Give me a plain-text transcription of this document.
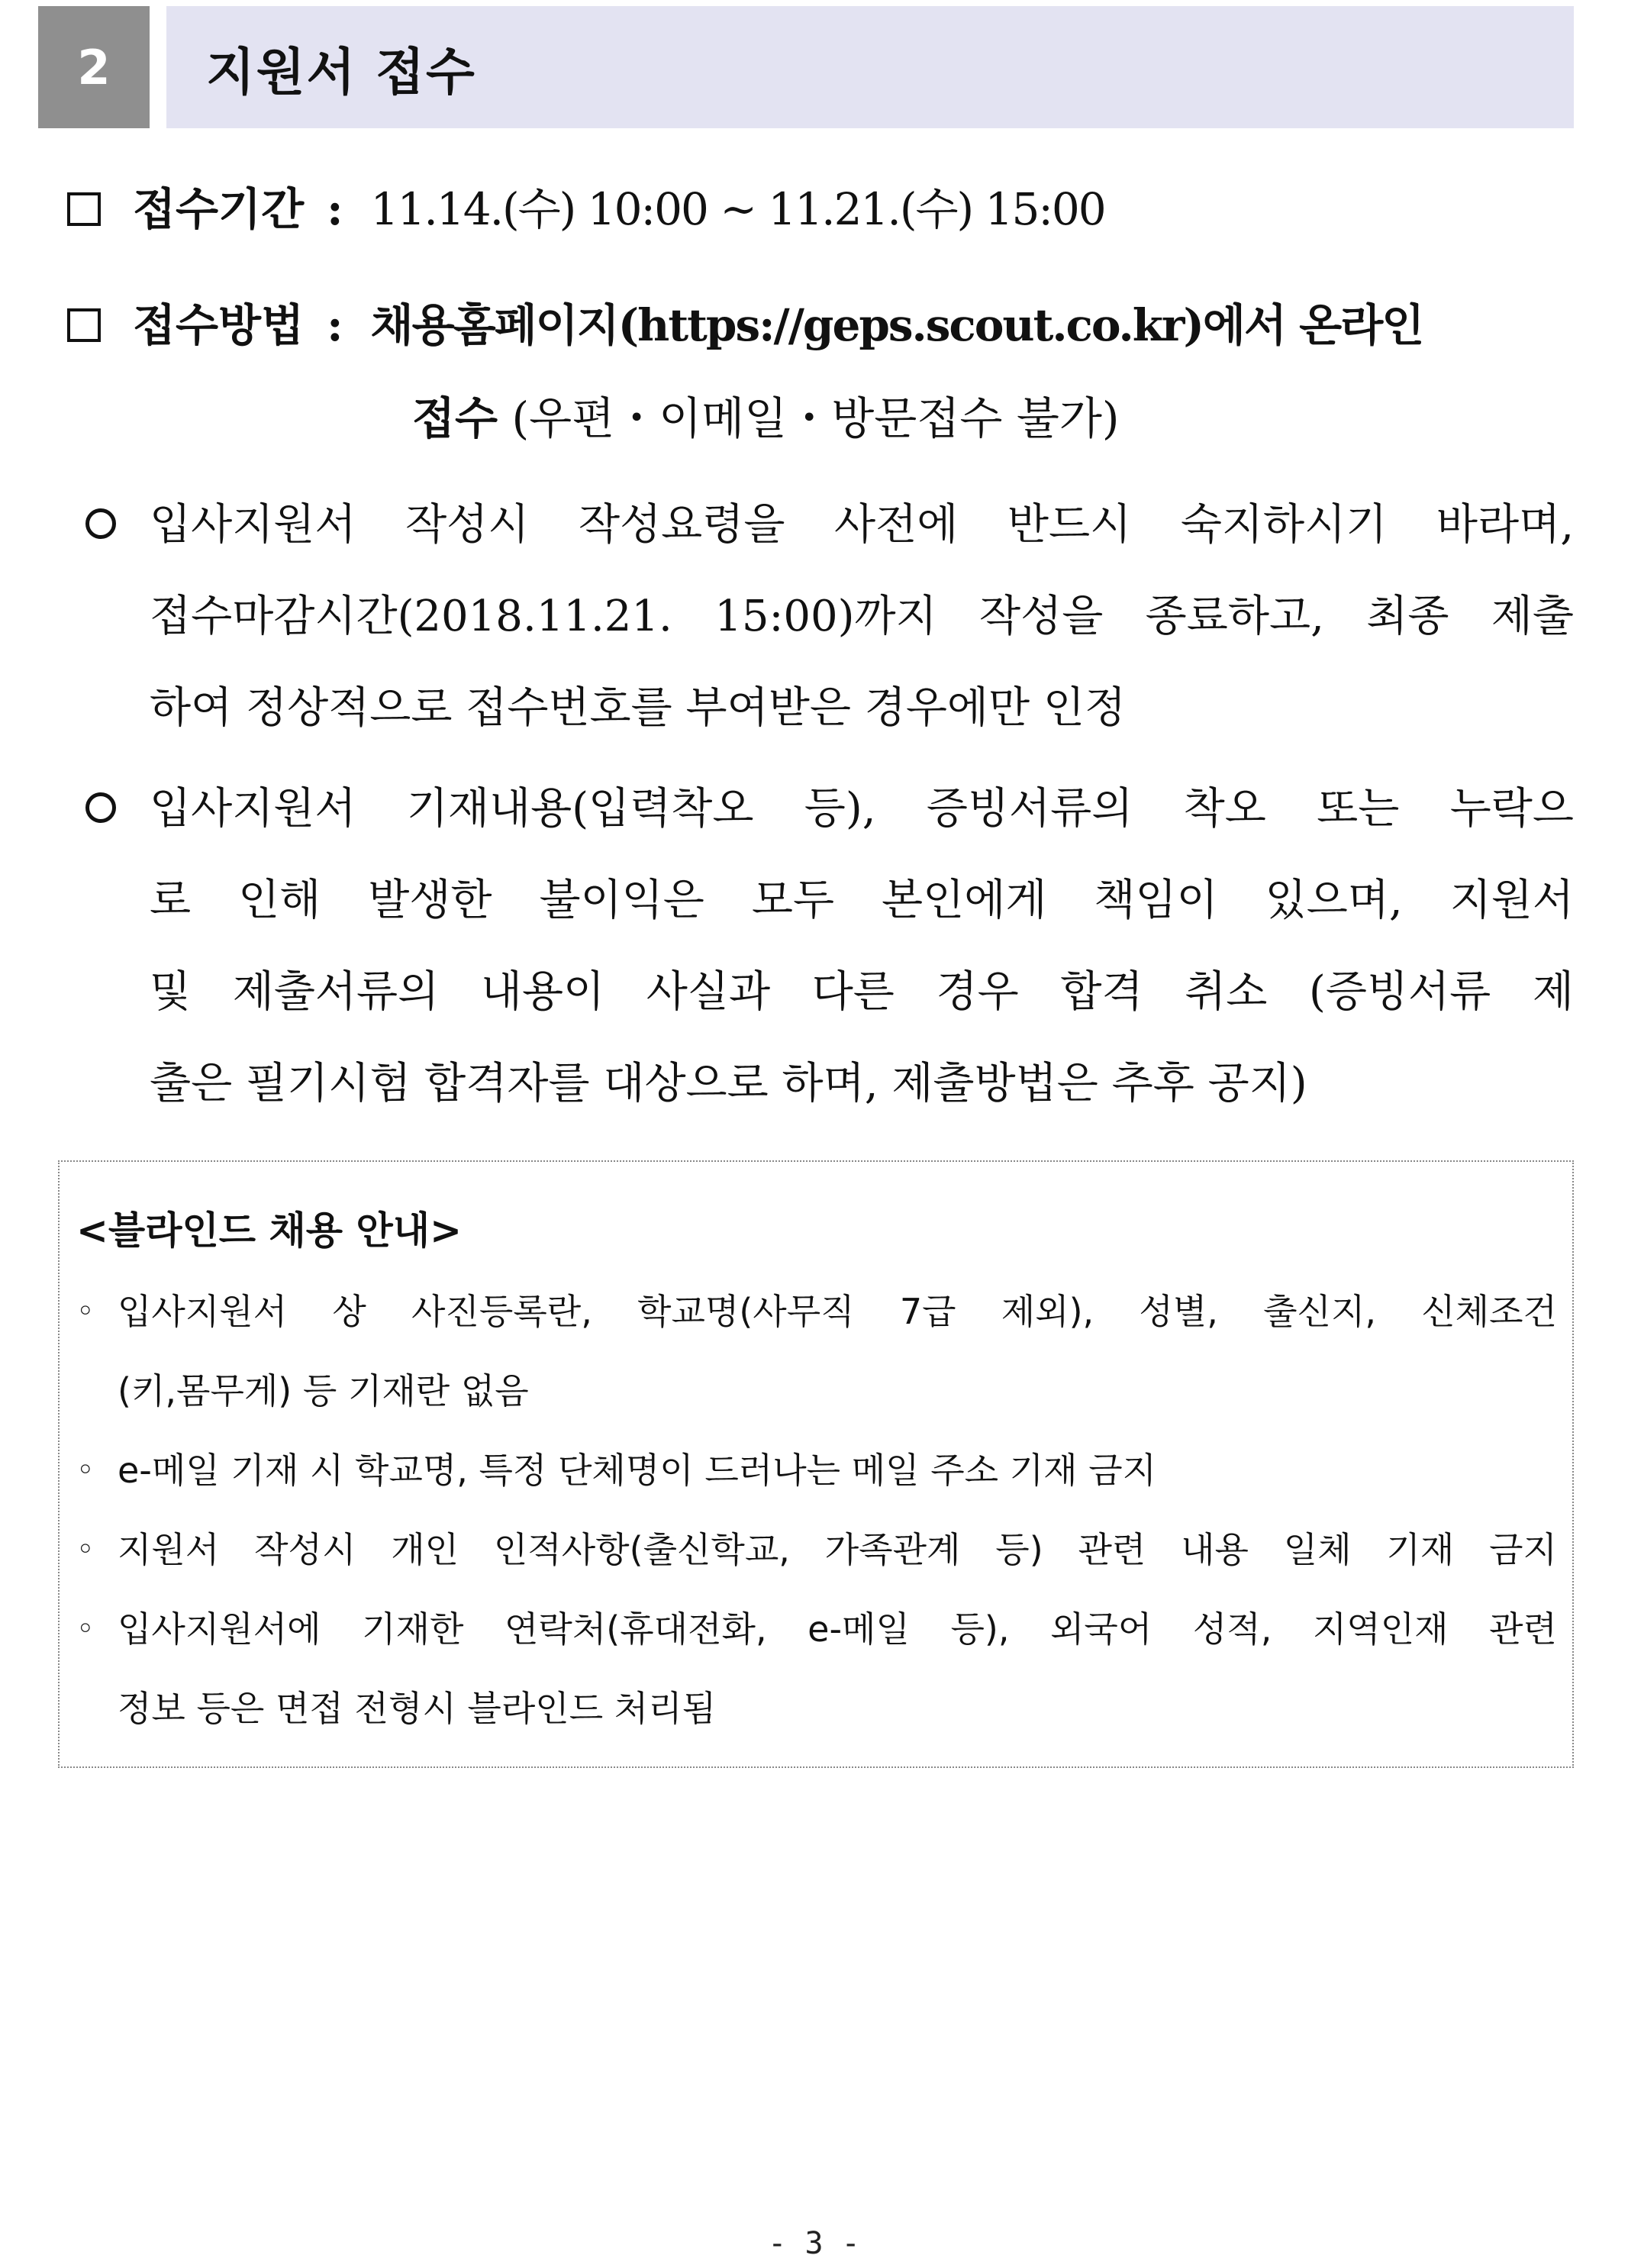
2	지원서 접수
접수기간 : 11.14.(수) 10:00 ~ 11.21.(수) 15:00
접수방법 : 채용홈페이지(https://geps.scout.co.kr)에서 온라인
접수 (우편・이메일・방문접수 불가)
입사지원서 작성시 작성요령을 사전에 반드시 숙지하시기 바라며,
접수마감시간(2018.11.21. 15:00)까지 작성을 종료하고, 최종 제출
하여 정상적으로 접수번호를 부여받은 경우에만 인정
입사지원서 기재내용(입력착오 등), 증빙서류의 착오 또는 누락으
로 인해 발생한 불이익은 모두 본인에게 책임이 있으며, 지원서
및 제출서류의 내용이 사실과 다른 경우 합격 취소 (증빙서류 제
출은 필기시험 합격자를 대상으로 하며, 제출방법은 추후 공지)
<블라인드 채용 안내>
◦ 입사지원서 상 사진등록란, 학교명(사무직 7급 제외), 성별, 출신지, 신체조건
(키,몸무게) 등 기재란 없음
◦ e-메일 기재 시 학교명, 특정 단체명이 드러나는 메일 주소 기재 금지
◦ 지원서 작성시 개인 인적사항(출신학교, 가족관계 등) 관련 내용 일체 기재 금지
◦ 입사지원서에 기재한 연락처(휴대전화, e-메일 등), 외국어 성적, 지역인재 관련
정보 등은 면접 전형시 블라인드 처리됨
- 3 -
